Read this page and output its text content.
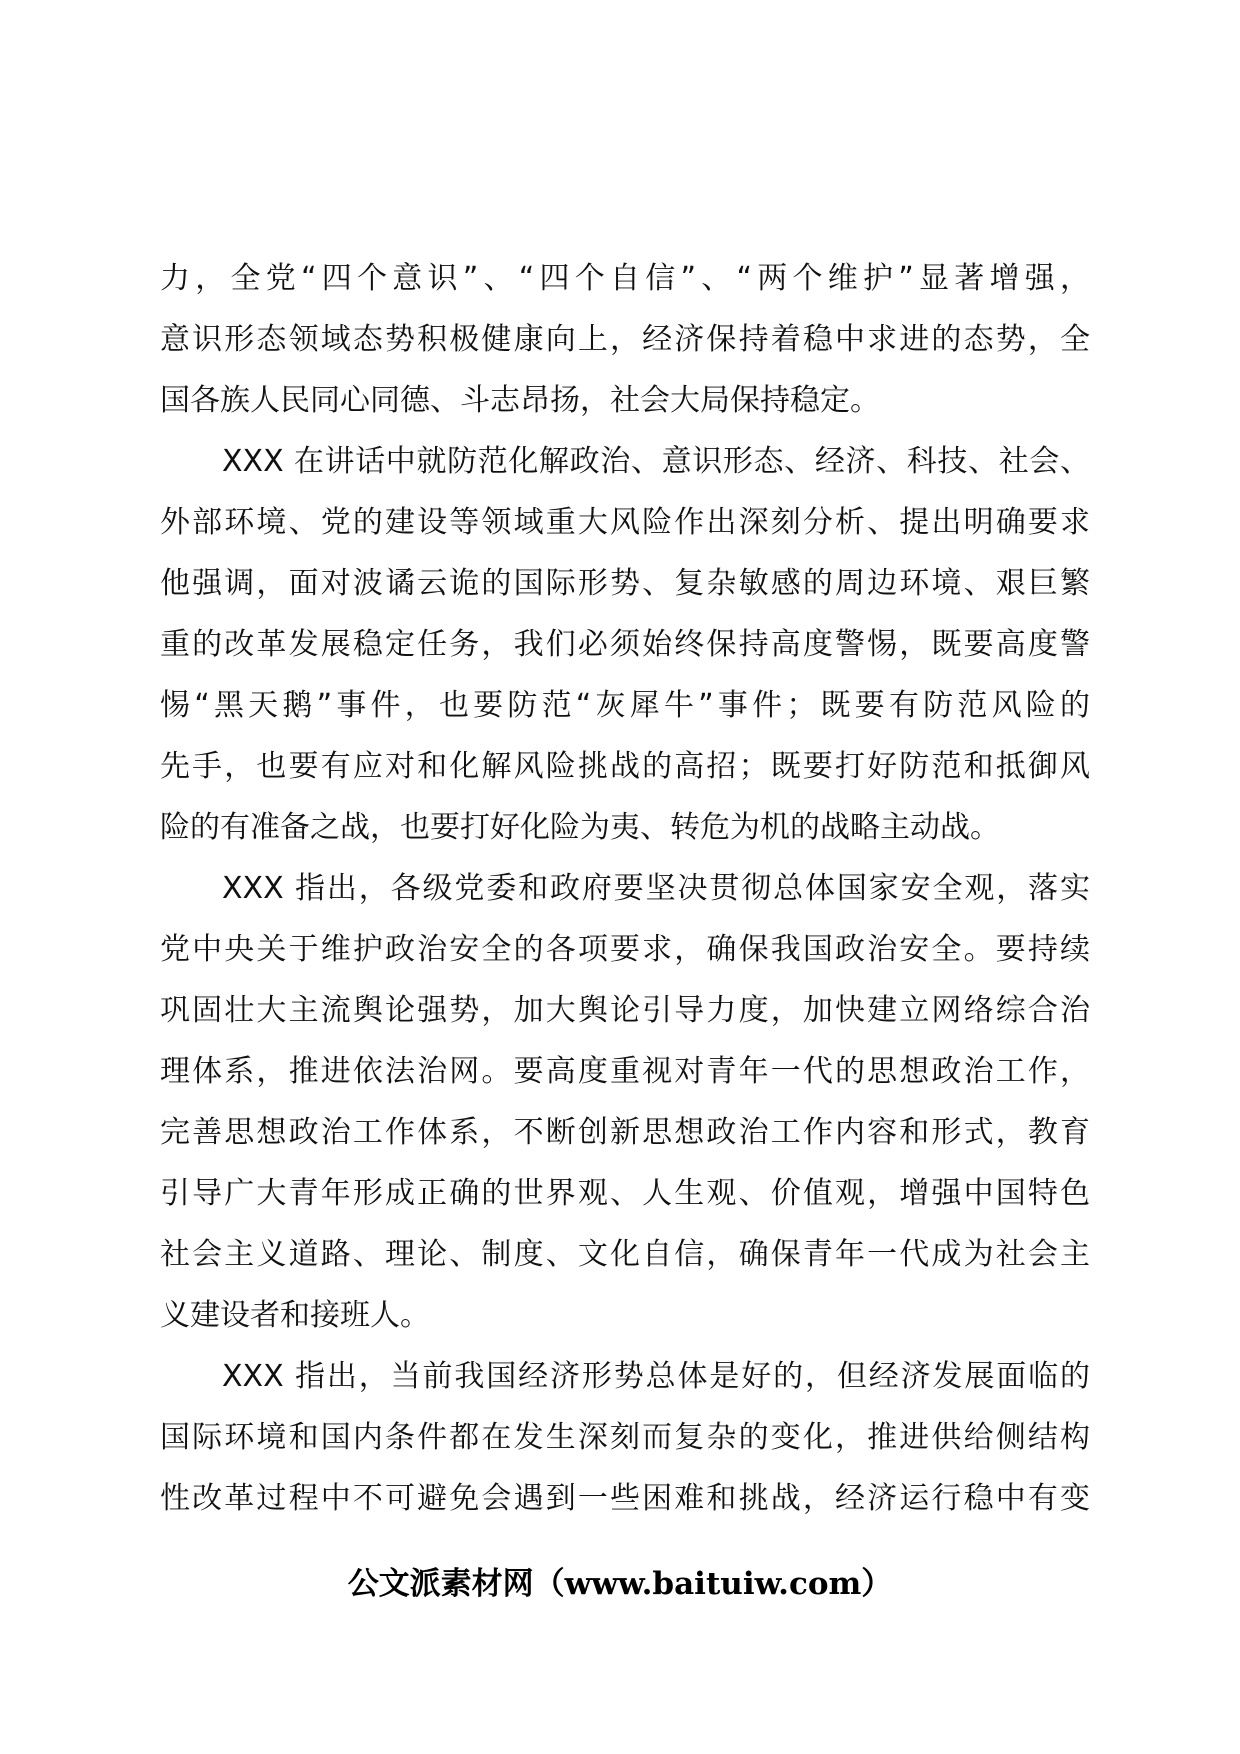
力，全党“四个意识”、“四个自信”、“两个维护”显著增强，
意识形态领域态势积极健康向上，经济保持着稳中求进的态势，全
国各族人民同心同德、斗志昂扬，社会大局保持稳定。
XXX 在讲话中就防范化解政治、意识形态、经济、科技、社会、
外部环境、党的建设等领域重大风险作出深刻分析、提出明确要求
他强调，面对波谲云诡的国际形势、复杂敏感的周边环境、艰巨繁
重的改革发展稳定任务，我们必须始终保持高度警惕，既要高度警
惕“黑天鹅”事件，也要防范“灰犀牛”事件；既要有防范风险的
先手，也要有应对和化解风险挑战的高招；既要打好防范和抵御风
险的有准备之战，也要打好化险为夷、转危为机的战略主动战。
XXX 指出，各级党委和政府要坚决贯彻总体国家安全观，落实
党中央关于维护政治安全的各项要求，确保我国政治安全。要持续
巩固壮大主流舆论强势，加大舆论引导力度，加快建立网络综合治
理体系，推进依法治网。要高度重视对青年一代的思想政治工作，
完善思想政治工作体系，不断创新思想政治工作内容和形式，教育
引导广大青年形成正确的世界观、人生观、价值观，增强中国特色
社会主义道路、理论、制度、文化自信，确保青年一代成为社会主
义建设者和接班人。
XXX 指出，当前我国经济形势总体是好的，但经济发展面临的
国际环境和国内条件都在发生深刻而复杂的变化，推进供给侧结构
性改革过程中不可避免会遇到一些困难和挑战，经济运行稳中有变
公文派素材网（www.baituiw.com）
